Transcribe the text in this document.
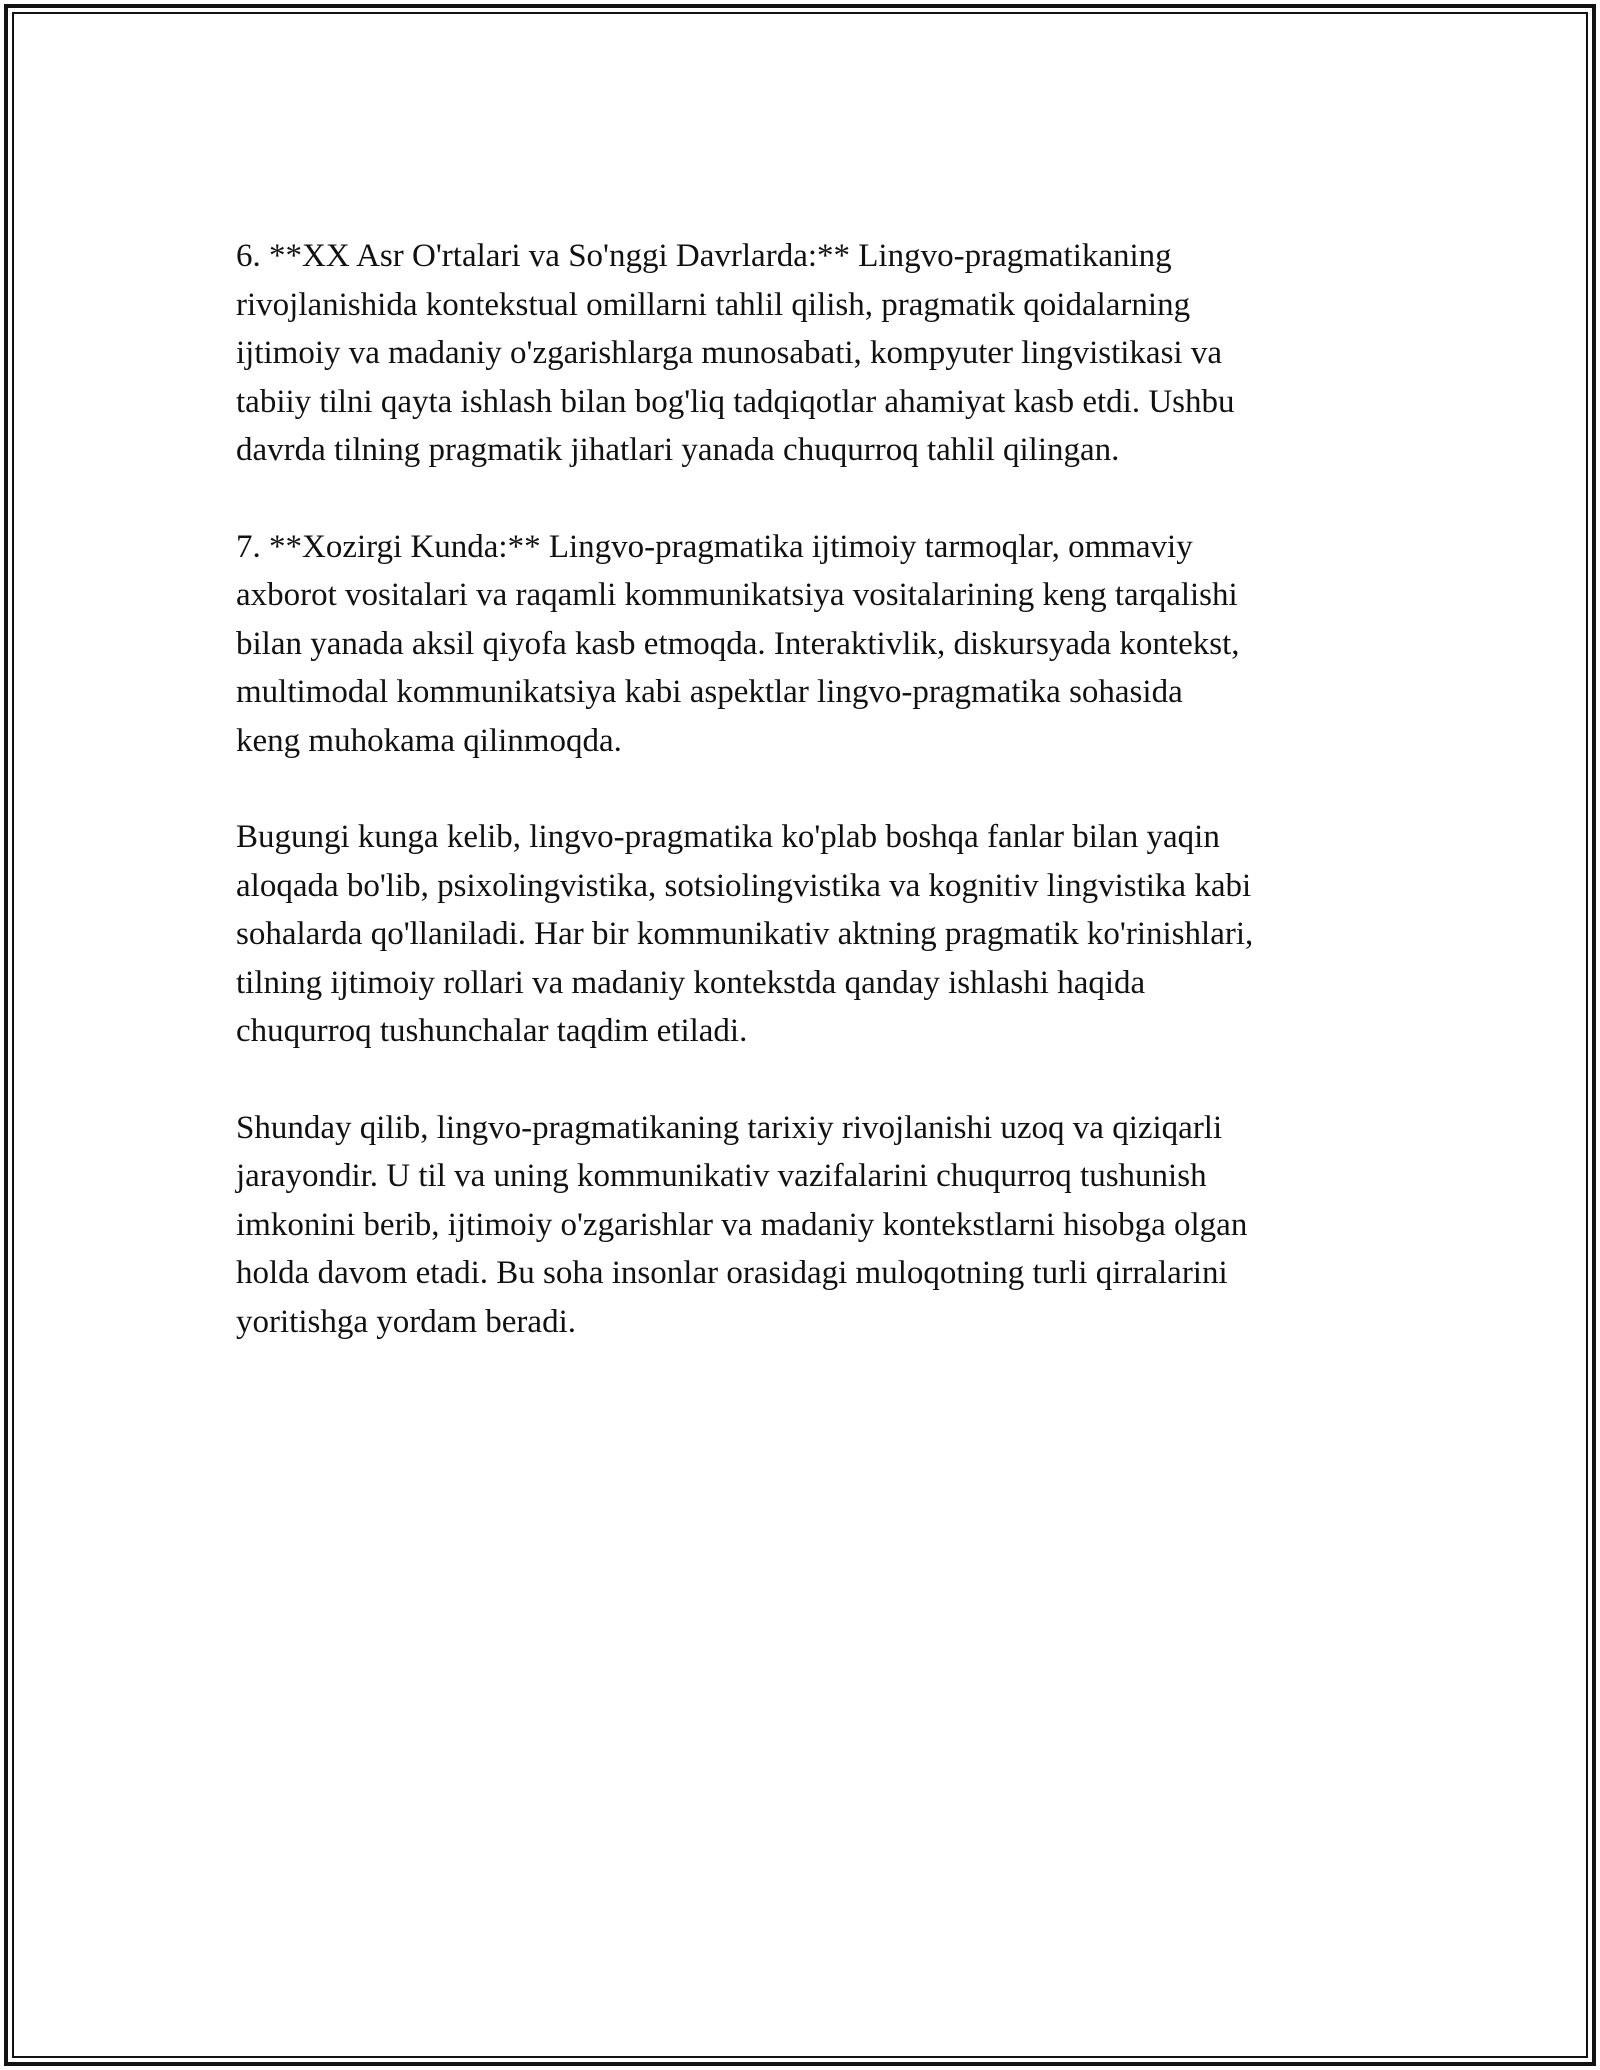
6. **XX Asr O'rtalari va So'nggi Davrlarda:** Lingvo-pragmatikaning
rivojlanishida kontekstual omillarni tahlil qilish, pragmatik qoidalarning
ijtimoiy va madaniy o'zgarishlarga munosabati, kompyuter lingvistikasi va
tabiiy tilni qayta ishlash bilan bog'liq tadqiqotlar ahamiyat kasb etdi. Ushbu
davrda tilning pragmatik jihatlari yanada chuqurroq tahlil qilingan.

7. **Xozirgi Kunda:** Lingvo-pragmatika ijtimoiy tarmoqlar, ommaviy
axborot vositalari va raqamli kommunikatsiya vositalarining keng tarqalishi
bilan yanada aksil qiyofa kasb etmoqda. Interaktivlik, diskursyada kontekst,
multimodal kommunikatsiya kabi aspektlar lingvo-pragmatika sohasida
keng muhokama qilinmoqda.

Bugungi kunga kelib, lingvo-pragmatika ko'plab boshqa fanlar bilan yaqin
aloqada bo'lib, psixolingvistika, sotsiolingvistika va kognitiv lingvistika kabi
sohalarda qo'llaniladi. Har bir kommunikativ aktning pragmatik ko'rinishlari,
tilning ijtimoiy rollari va madaniy kontekstda qanday ishlashi haqida
chuqurroq tushunchalar taqdim etiladi.

Shunday qilib, lingvo-pragmatikaning tarixiy rivojlanishi uzoq va qiziqarli
jarayondir. U til va uning kommunikativ vazifalarini chuqurroq tushunish
imkonini berib, ijtimoiy o'zgarishlar va madaniy kontekstlarni hisobga olgan
holda davom etadi. Bu soha insonlar orasidagi muloqotning turli qirralarini
yoritishga yordam beradi.
